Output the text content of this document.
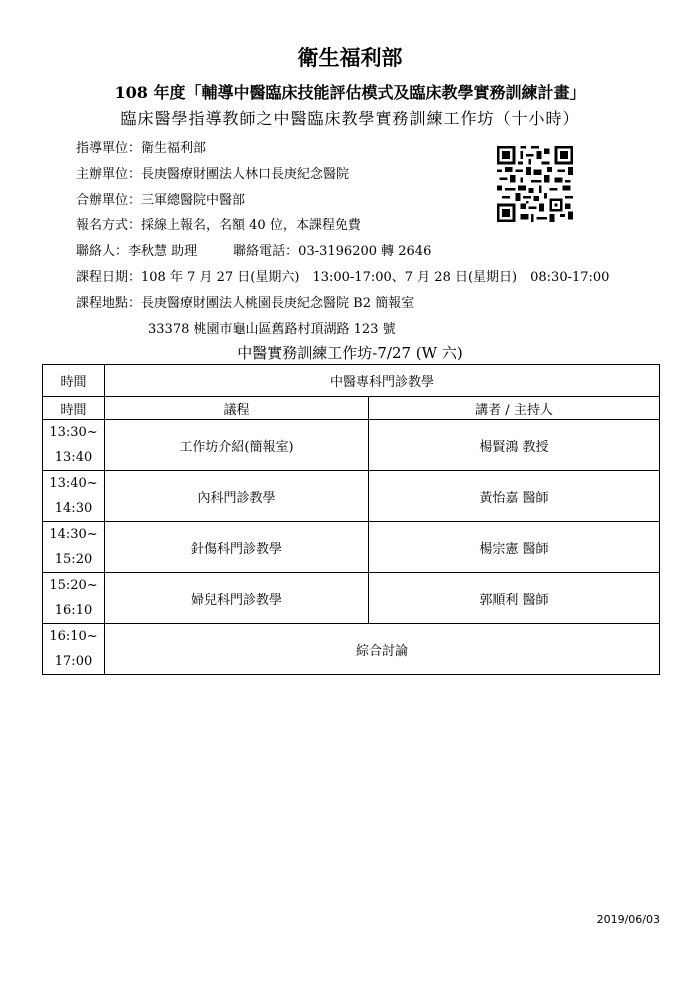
衛生福利部
108 年度「輔導中醫臨床技能評估模式及臨床教學實務訓練計畫」
臨床醫學指導教師之中醫臨床教學實務訓練工作坊（十小時）
指導單位：衛生福利部
主辦單位：長庚醫療財團法人林口長庚紀念醫院
合辦單位：三軍總醫院中醫部
報名方式：採線上報名，名額 40 位，本課程免費
聯絡人：李秋慧 助理	聯絡電話：03-3196200 轉 2646
課程日期：108 年 7 月 27 日(星期六)　13:00-17:00、7 月 28 日(星期日)　08:30-17:00
課程地點：長庚醫療財團法人桃園長庚紀念醫院 B2 簡報室
33378 桃園市龜山區舊路村頂湖路 123 號
中醫實務訓練工作坊-7/27 (W 六)
時間	中醫專科門診教學	
時間	議程	講者 / 主持人

13:30~
13:40	工作坊介紹(簡報室)	楊賢鴻 教授

13:40~
14:30	內科門診教學	黃怡嘉 醫師

14:30~
15:20	針傷科門診教學	楊宗憲 醫師

15:20~
16:10	婦兒科門診教學	郭順利 醫師

16:10~
17:00	綜合討論	
2019/06/03
